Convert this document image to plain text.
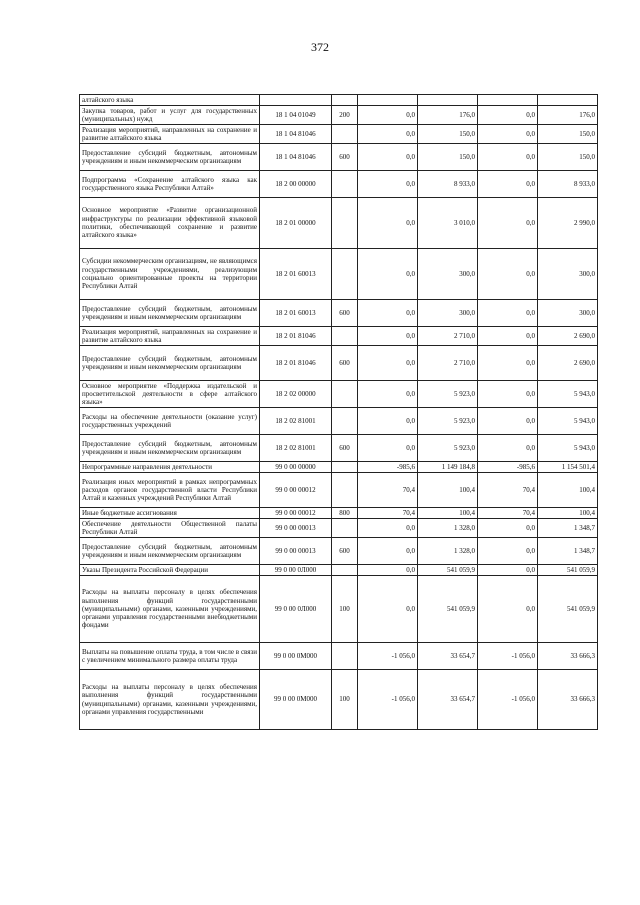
372
алтайского языка						
Закупка товаров, работ и услуг для государственных (муниципальных) нужд	18 1 04 01049	200	0,0	176,0	0,0	176,0
Реализация мероприятий, направленных на сохранение и развитие алтайского языка	18 1 04 81046		0,0	150,0	0,0	150,0
Предоставление субсидий бюджетным, автономным учреждениям и иным некоммерческим организациям	18 1 04 81046	600	0,0	150,0	0,0	150,0
Подпрограмма «Сохранение алтайского языка как государственного языка Республики Алтай»	18 2 00 00000		0,0	8 933,0	0,0	8 933,0
Основное мероприятие «Развитие организационной инфраструктуры по реализации эффективной языковой политики, обеспечивающей сохранение и развитие алтайского языка»	18 2 01 00000		0,0	3 010,0	0,0	2 990,0
Субсидии некоммерческим организациям, не являющимся государственными учреждениями, реализующим социально ориентированные проекты на территории Республики Алтай	18 2 01 60013		0,0	300,0	0,0	300,0
Предоставление субсидий бюджетным, автономным учреждениям и иным некоммерческим организациям	18 2 01 60013	600	0,0	300,0	0,0	300,0
Реализация мероприятий, направленных на сохранение и развитие алтайского языка	18 2 01 81046		0,0	2 710,0	0,0	2 690,0
Предоставление субсидий бюджетным, автономным учреждениям и иным некоммерческим организациям	18 2 01 81046	600	0,0	2 710,0	0,0	2 690,0
Основное мероприятие «Поддержка издательской и просветительской деятельности в сфере алтайского языка»	18 2 02 00000		0,0	5 923,0	0,0	5 943,0
Расходы на обеспечение деятельности (оказание услуг) государственных учреждений	18 2 02 81001		0,0	5 923,0	0,0	5 943,0
Предоставление субсидий бюджетным, автономным учреждениям и иным некоммерческим организациям	18 2 02 81001	600	0,0	5 923,0	0,0	5 943,0
Непрограммные направления деятельности	99 0 00 00000		-985,6	1 149 184,8	-985,6	1 154 501,4
Реализация иных мероприятий в рамках непрограммных расходов органов государственной власти Республики Алтай и казенных учреждений Республики Алтай	99 0 00 00012		70,4	100,4	70,4	100,4
Иные бюджетные ассигнования	99 0 00 00012	800	70,4	100,4	70,4	100,4
Обеспечение деятельности Общественной палаты Республики Алтай	99 0 00 00013		0,0	1 328,0	0,0	1 348,7
Предоставление субсидий бюджетным, автономным учреждениям и иным некоммерческим организациям	99 0 00 00013	600	0,0	1 328,0	0,0	1 348,7
Указы Президента Российской Федерации	99 0 00 0Л000		0,0	541 059,9	0,0	541 059,9
Расходы на выплаты персоналу в целях обеспечения выполнения функций государственными (муниципальными) органами, казенными учреждениями, органами управления государственными внебюджетными фондами	99 0 00 0Л000	100	0,0	541 059,9	0,0	541 059,9
Выплаты на повышение оплаты труда, в том числе в связи с увеличением минимального размера оплаты труда	99 0 00 0М000		-1 056,0	33 654,7	-1 056,0	33 666,3
Расходы на выплаты персоналу в целях обеспечения выполнения функций государственными (муниципальными) органами, казенными учреждениями, органами управления государственными	99 0 00 0М000	100	-1 056,0	33 654,7	-1 056,0	33 666,3
